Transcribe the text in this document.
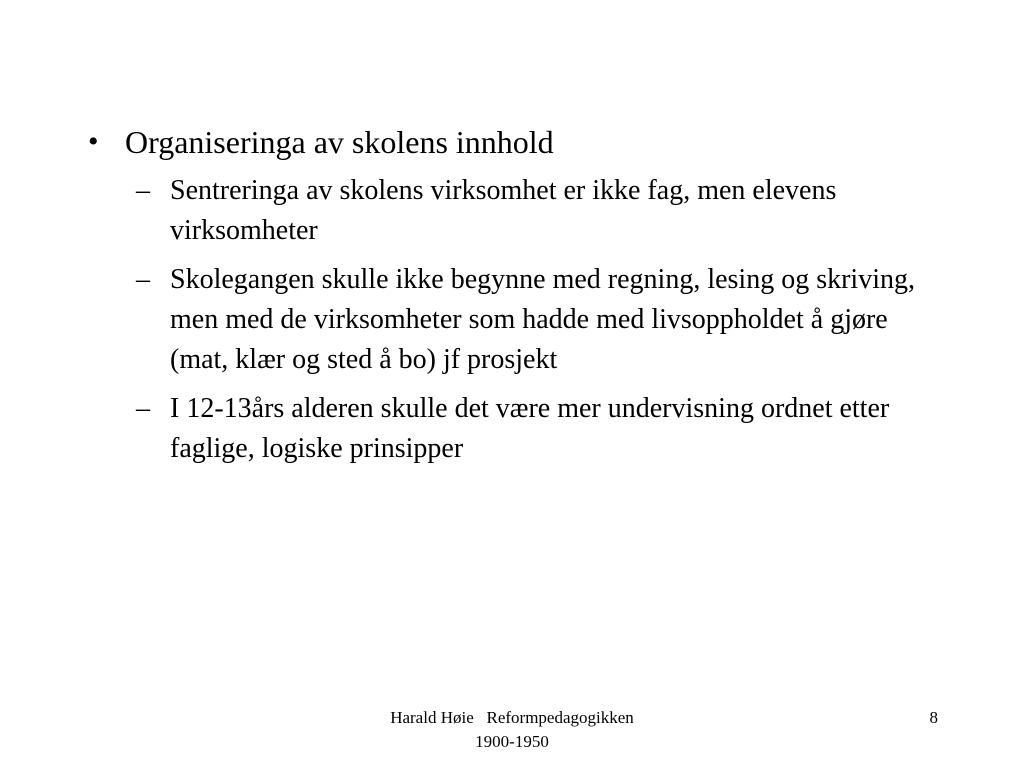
• Organiseringa av skolens innhold
– Sentreringa av skolens virksomhet er ikke fag, men elevens virksomheter
– Skolegangen skulle ikke begynne med regning, lesing og skriving, men med de virksomheter som hadde med livsoppholdet å gjøre (mat, klær og sted å bo) jf prosjekt
– I 12-13års alderen skulle det være mer undervisning ordnet etter faglige, logiske prinsipper
Harald Høie   Reformpedagogikken
1900-1950
8
